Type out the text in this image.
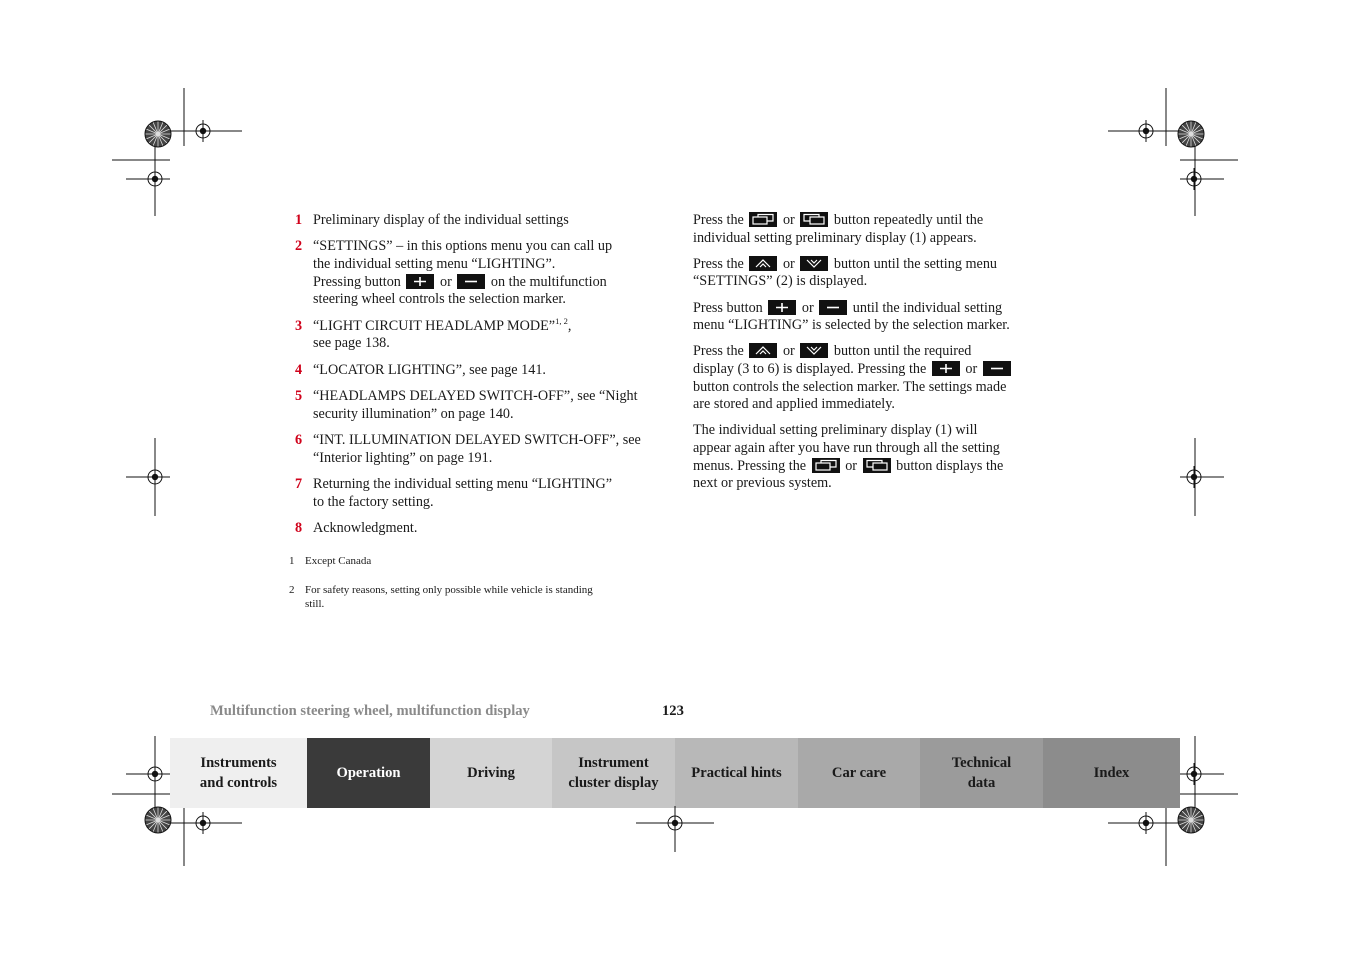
1 Preliminary display of the individual settings
2 “SETTINGS” – in this options menu you can call up
the individual setting menu “LIGHTING”.
Pressing button	or	on the multifunction
steering wheel controls the selection marker.
3 “LIGHT CIRCUIT HEADLAMP MODE”$^{1, 2}$,
see page 138.
4 “LOCATOR LIGHTING”, see page 141.
5 “HEADLAMPS DELAYED SWITCH-OFF”, see “Night
security illumination” on page 140.
6 “INT. ILLUMINATION DELAYED SWITCH-OFF”, see
“Interior lighting” on page 191.
7 Returning the individual setting menu “LIGHTING”
to the factory setting.
8 Acknowledgment.
1 Except Canada
2 For safety reasons, setting only possible while vehicle is standing
still.
Press the	or	button repeatedly until the
individual setting preliminary display (1) appears.
Press the	or	button until the setting menu
“SETTINGS” (2) is displayed.
Press button	or	until the individual setting
menu “LIGHTING” is selected by the selection marker.
Press the	or	button until the required
display (3 to 6) is displayed. Pressing the	or

button controls the selection marker. The settings made
are stored and applied immediately.
The individual setting preliminary display (1) will
appear again after you have run through all the setting
menus. Pressing the	or	button displays the
next or previous system.
Multifunction steering wheel, multifunction display	123
Instruments
and controls
Operation	Driving
Instrument
cluster display
Practical hints	Car care
Technical
data
Index
